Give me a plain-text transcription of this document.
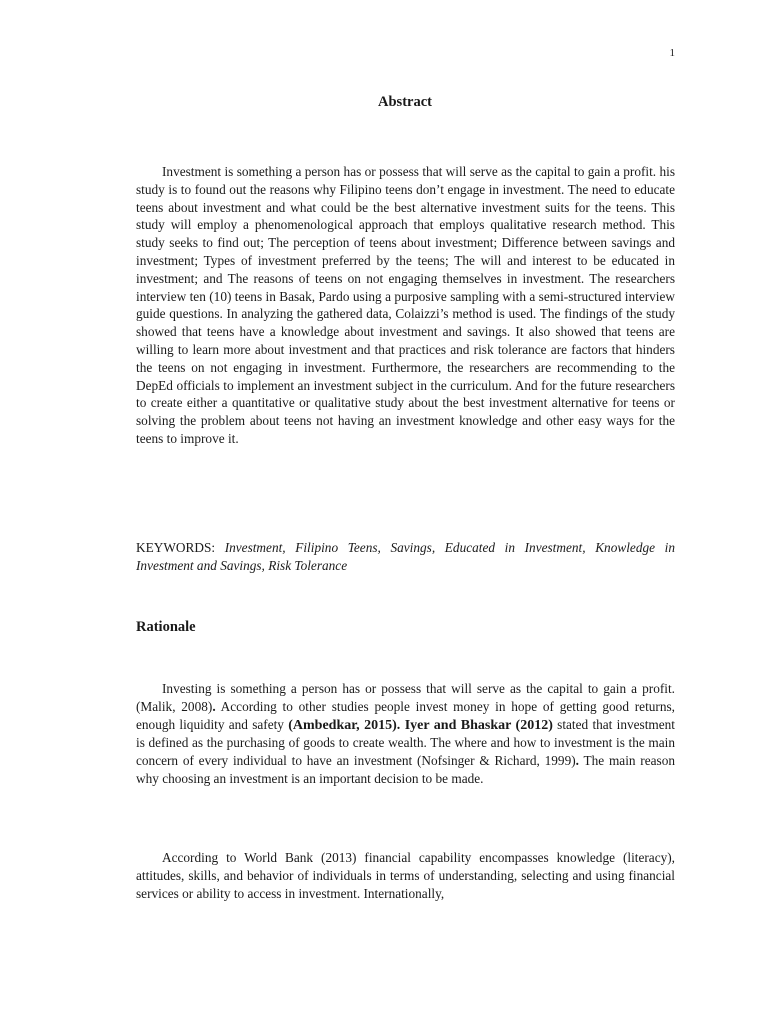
1
Abstract

Investment is something a person has or possess that will serve as the capital to gain a profit. his study is to found out the reasons why Filipino teens don’t engage in investment. The need to educate teens about investment and what could be the best alternative investment suits for the teens. This study will employ a phenomenological approach that employs qualitative research method. This study seeks to find out; The perception of teens about investment; Difference between savings and investment; Types of investment preferred by the teens; The will and interest to be educated in investment; and The reasons of teens on not engaging themselves in investment. The researchers interview ten (10) teens in Basak, Pardo using a purposive sampling with a semi-structured interview guide questions. In analyzing the gathered data, Colaizzi’s method is used. The findings of the study showed that teens have a knowledge about investment and savings. It also showed that teens are willing to learn more about investment and that practices and risk tolerance are factors that hinders the teens on not engaging in investment. Furthermore, the researchers are recommending to the DepEd officials to implement an investment subject in the curriculum. And for the future researchers to create either a quantitative or qualitative study about the best investment alternative for teens or solving the problem about teens not having an investment knowledge and other easy ways for the teens to improve it.

KEYWORDS: Investment, Filipino Teens, Savings, Educated in Investment, Knowledge in Investment and Savings, Risk Tolerance

Rationale

Investing is something a person has or possess that will serve as the capital to gain a profit. (Malik, 2008). According to other studies people invest money in hope of getting good returns, enough liquidity and safety (Ambedkar, 2015). Iyer and Bhaskar (2012) stated that investment is defined as the purchasing of goods to create wealth. The where and how to investment is the main concern of every individual to have an investment (Nofsinger & Richard, 1999). The main reason why choosing an investment is an important decision to be made.

According to World Bank (2013) financial capability encompasses knowledge (literacy), attitudes, skills, and behavior of individuals in terms of understanding, selecting and using financial services or ability to access in investment. Internationally,
